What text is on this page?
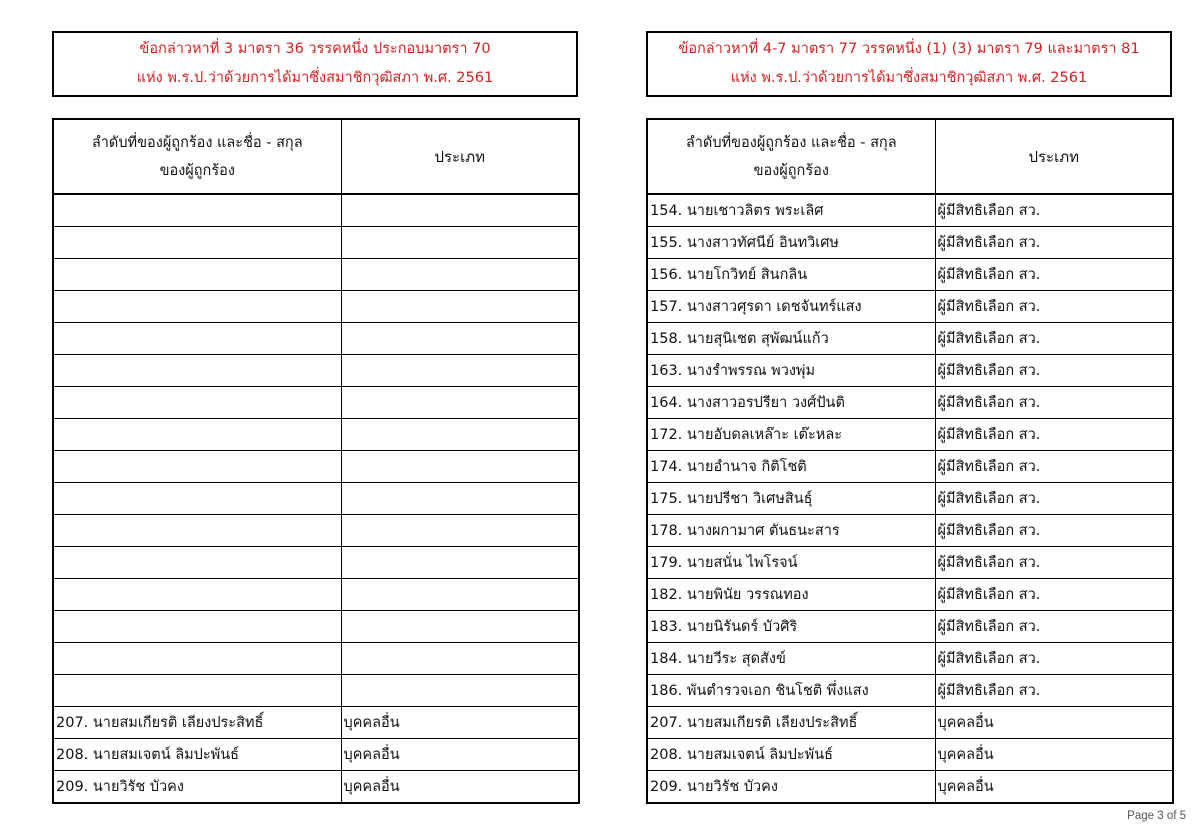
ข้อกล่าวหาที่ 3 มาตรา 36 วรรคหนึ่ง ประกอบมาตรา 70
แห่ง พ.ร.ป.ว่าด้วยการได้มาซึ่งสมาชิกวุฒิสภา พ.ศ. 2561
ลำดับที่ของผู้ถูกร้อง และชื่อ - สกุล
ของผู้ถูกร้อง	ประเภท

207. นายสมเกียรติ เลียงประสิทธิ์	บุคคลอื่น
208. นายสมเจตน์ ลิมปะพันธ์	บุคคลอื่น
209. นายวิรัช บัวคง	บุคคลอื่น
ข้อกล่าวหาที่ 4-7 มาตรา 77 วรรคหนึ่ง (1) (3) มาตรา 79 และมาตรา 81
แห่ง พ.ร.ป.ว่าด้วยการได้มาซึ่งสมาชิกวุฒิสภา พ.ศ. 2561
ลำดับที่ของผู้ถูกร้อง และชื่อ - สกุล
ของผู้ถูกร้อง	ประเภท
154. นายเชาวลิตร พระเลิศ	ผู้มีสิทธิเลือก สว.
155. นางสาวทัศนีย์ อินทวิเศษ	ผู้มีสิทธิเลือก สว.
156. นายโกวิทย์ สินกลิน	ผู้มีสิทธิเลือก สว.
157. นางสาวศุรดา เดชจันทร์แสง	ผู้มีสิทธิเลือก สว.
158. นายสุนิเชต สุพัฒน์แก้ว	ผู้มีสิทธิเลือก สว.
163. นางรำพรรณ พวงพุ่ม	ผู้มีสิทธิเลือก สว.
164. นางสาวอรปรียา วงศ์ปันติ	ผู้มีสิทธิเลือก สว.
172. นายอับดลเหล๊าะ เต๊ะหละ	ผู้มีสิทธิเลือก สว.
174. นายอำนาจ กิติโชติ	ผู้มีสิทธิเลือก สว.
175. นายปรีชา วิเศษสินธุ์	ผู้มีสิทธิเลือก สว.
178. นางผกามาศ ตันธนะสาร	ผู้มีสิทธิเลือก สว.
179. นายสนั่น ไพโรจน์	ผู้มีสิทธิเลือก สว.
182. นายพินัย วรรณทอง	ผู้มีสิทธิเลือก สว.
183. นายนิรันดร์ บัวศิริ	ผู้มีสิทธิเลือก สว.
184. นายวีระ สุดสังข์	ผู้มีสิทธิเลือก สว.
186. พันตำรวจเอก ชินโชติ พึ่งแสง	ผู้มีสิทธิเลือก สว.
207. นายสมเกียรติ เลียงประสิทธิ์	บุคคลอื่น
208. นายสมเจตน์ ลิมปะพันธ์	บุคคลอื่น
209. นายวิรัช บัวคง	บุคคลอื่น
Page 3 of 5
